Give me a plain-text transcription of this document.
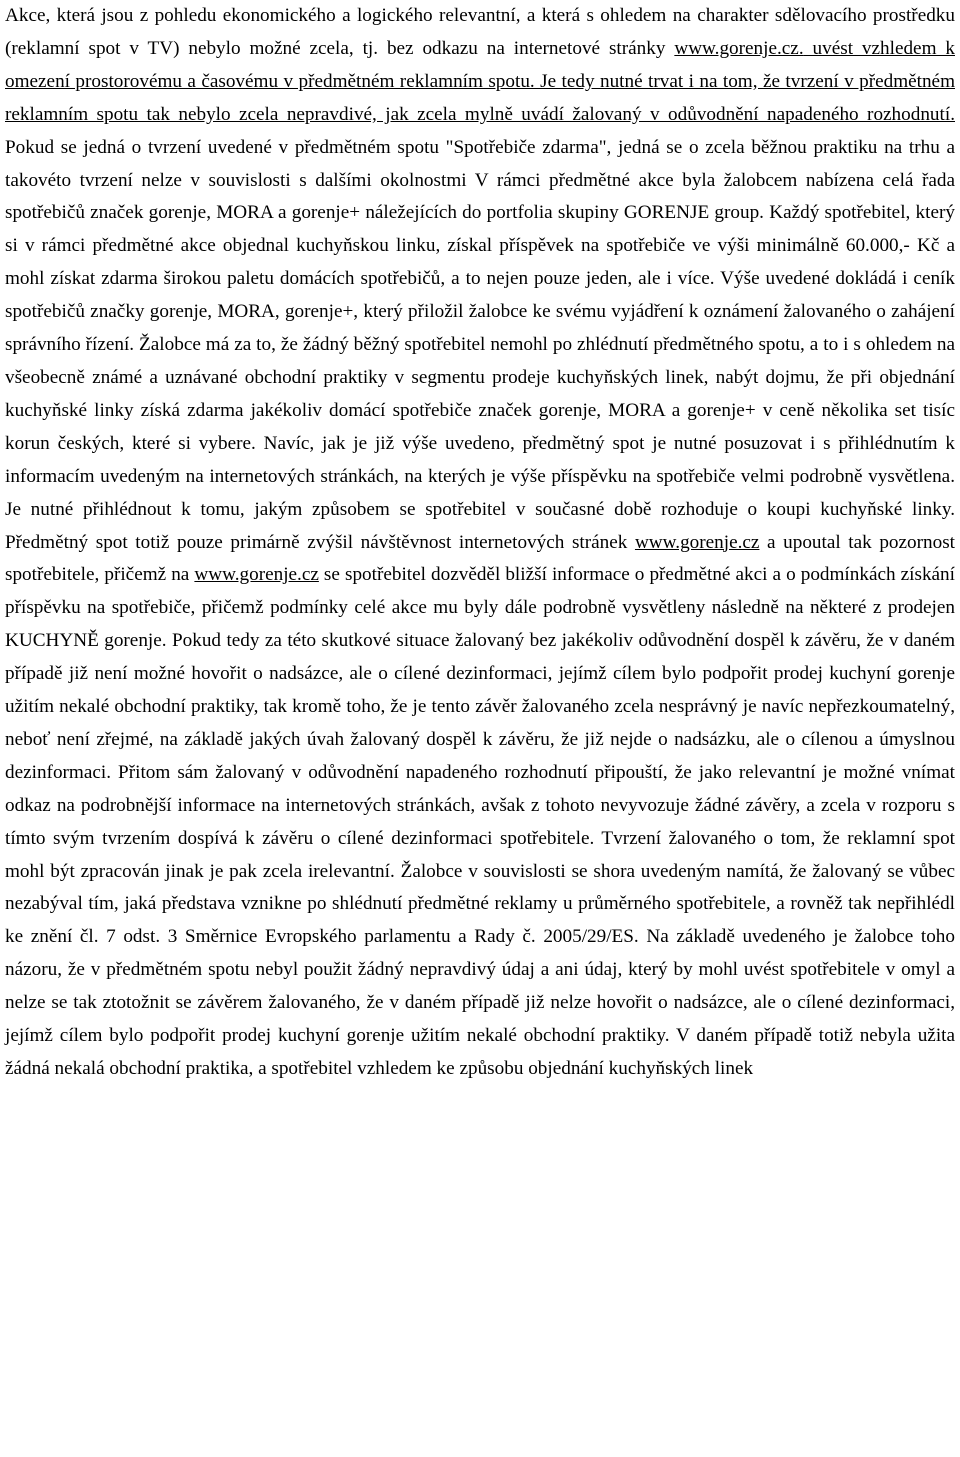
Akce, která jsou z pohledu ekonomického a logického relevantní, a která s ohledem na charakter sdělovacího prostředku (reklamní spot v TV) nebylo možné zcela, tj. bez odkazu na internetové stránky www.gorenje.cz. uvést vzhledem k omezení prostorovému a časovému v předmětném reklamním spotu. Je tedy nutné trvat i na tom, že tvrzení v předmětném reklamním spotu tak nebylo zcela nepravdivé, jak zcela mylně uvádí žalovaný v odůvodnění napadeného rozhodnutí. Pokud se jedná o tvrzení uvedené v předmětném spotu "Spotřebiče zdarma", jedná se o zcela běžnou praktiku na trhu a takovéto tvrzení nelze v souvislosti s dalšími okolnostmi V rámci předmětné akce byla žalobcem nabízena celá řada spotřebičů značek gorenje, MORA a gorenje+ náležejících do portfolia skupiny GORENJE group. Každý spotřebitel, který si v rámci předmětné akce objednal kuchyňskou linku, získal příspěvek na spotřebiče ve výši minimálně 60.000,- Kč a mohl získat zdarma širokou paletu domácích spotřebičů, a to nejen pouze jeden, ale i více. Výše uvedené dokládá i ceník spotřebičů značky gorenje, MORA, gorenje+, který přiložil žalobce ke svému vyjádření k oznámení žalovaného o zahájení správního řízení. Žalobce má za to, že žádný běžný spotřebitel nemohl po zhlédnutí předmětného spotu, a to i s ohledem na všeobecně známé a uznávané obchodní praktiky v segmentu prodeje kuchyňských linek, nabýt dojmu, že při objednání kuchyňské linky získá zdarma jakékoliv domácí spotřebiče značek gorenje, MORA a gorenje+ v ceně několika set tisíc korun českých, které si vybere. Navíc, jak je již výše uvedeno, předmětný spot je nutné posuzovat i s přihlédnutím k informacím uvedeným na internetových stránkách, na kterých je výše příspěvku na spotřebiče velmi podrobně vysvětlena. Je nutné přihlédnout k tomu, jakým způsobem se spotřebitel v současné době rozhoduje o koupi kuchyňské linky. Předmětný spot totiž pouze primárně zvýšil návštěvnost internetových stránek www.gorenje.cz a upoutal tak pozornost spotřebitele, přičemž na www.gorenje.cz se spotřebitel dozvěděl bližší informace o předmětné akci a o podmínkách získání příspěvku na spotřebiče, přičemž podmínky celé akce mu byly dále podrobně vysvětleny následně na některé z prodejen KUCHYNĚ gorenje. Pokud tedy za této skutkové situace žalovaný bez jakékoliv odůvodnění dospěl k závěru, že v daném případě již není možné hovořit o nadsázce, ale o cílené dezinformaci, jejímž cílem bylo podpořit prodej kuchyní gorenje užitím nekalé obchodní praktiky, tak kromě toho, že je tento závěr žalovaného zcela nesprávný je navíc nepřezkoumatelný, neboť není zřejmé, na základě jakých úvah žalovaný dospěl k závěru, že již nejde o nadsázku, ale o cílenou a úmyslnou dezinformaci. Přitom sám žalovaný v odůvodnění napadeného rozhodnutí připouští, že jako relevantní je možné vnímat odkaz na podrobnější informace na internetových stránkách, avšak z tohoto nevyvozuje žádné závěry, a zcela v rozporu s tímto svým tvrzením dospívá k závěru o cílené dezinformaci spotřebitele. Tvrzení žalovaného o tom, že reklamní spot mohl být zpracován jinak je pak zcela irelevantní. Žalobce v souvislosti se shora uvedeným namítá, že žalovaný se vůbec nezabýval tím, jaká představa vznikne po shlédnutí předmětné reklamy u průměrného spotřebitele, a rovněž tak nepřihlédl ke znění čl. 7 odst. 3 Směrnice Evropského parlamentu a Rady č. 2005/29/ES. Na základě uvedeného je žalobce toho názoru, že v předmětném spotu nebyl použit žádný nepravdivý údaj a ani údaj, který by mohl uvést spotřebitele v omyl a nelze se tak ztotožnit se závěrem žalovaného, že v daném případě již nelze hovořit o nadsázce, ale o cílené dezinformaci, jejímž cílem bylo podpořit prodej kuchyní gorenje užitím nekalé obchodní praktiky. V daném případě totiž nebyla užita žádná nekalá obchodní praktika, a spotřebitel vzhledem ke způsobu objednání kuchyňských linek
